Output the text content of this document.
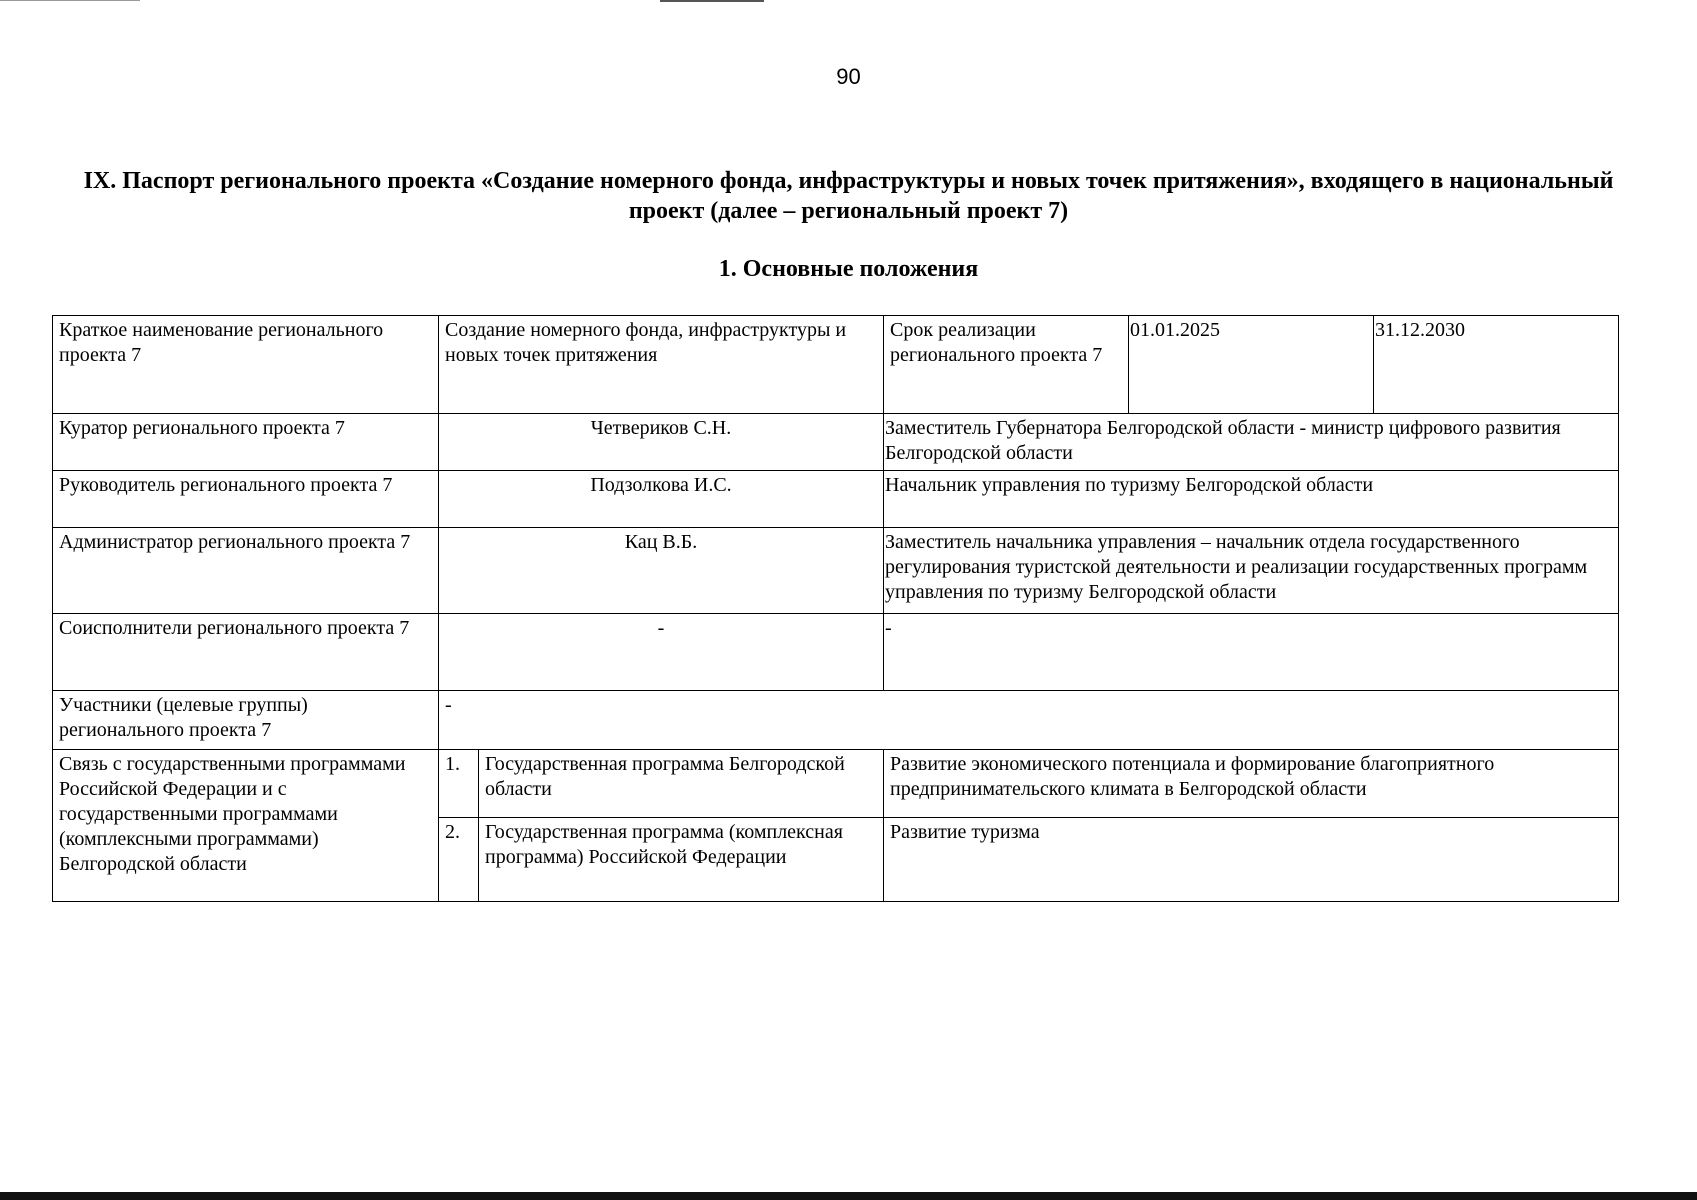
90
IX. Паспорт регионального проекта «Создание номерного фонда, инфраструктуры и новых точек притяжения», входящего в национальный проект (далее – региональный проект 7)
1. Основные положения
Краткое наименование регионального проекта 7	Создание номерного фонда, инфраструктуры и новых точек притяжения		Срок реализации регионального проекта 7	01.01.2025	31.12.2030
Куратор регионального проекта 7	Четвериков С.Н.		Заместитель Губернатора Белгородской области - министр цифрового развития Белгородской области		
Руководитель регионального проекта 7	Подзолкова И.С.		Начальник управления по туризму Белгородской области		
Администратор регионального проекта 7	Кац В.Б.		Заместитель начальника управления – начальник отдела государственного регулирования туристской деятельности и реализации государственных программ управления по туризму Белгородской области		
Соисполнители регионального проекта 7	-		-		
Участники (целевые группы) регионального проекта 7	-				
Связь с государственными программами Российской Федерации и с государственными программами (комплексными программами) Белгородской области	1.	Государственная программа Белгородской области	Развитие экономического потенциала и формирование благоприятного предпринимательского климата в Белгородской области		
	2.	Государственная программа (комплексная программа) Российской Федерации	Развитие туризма		
